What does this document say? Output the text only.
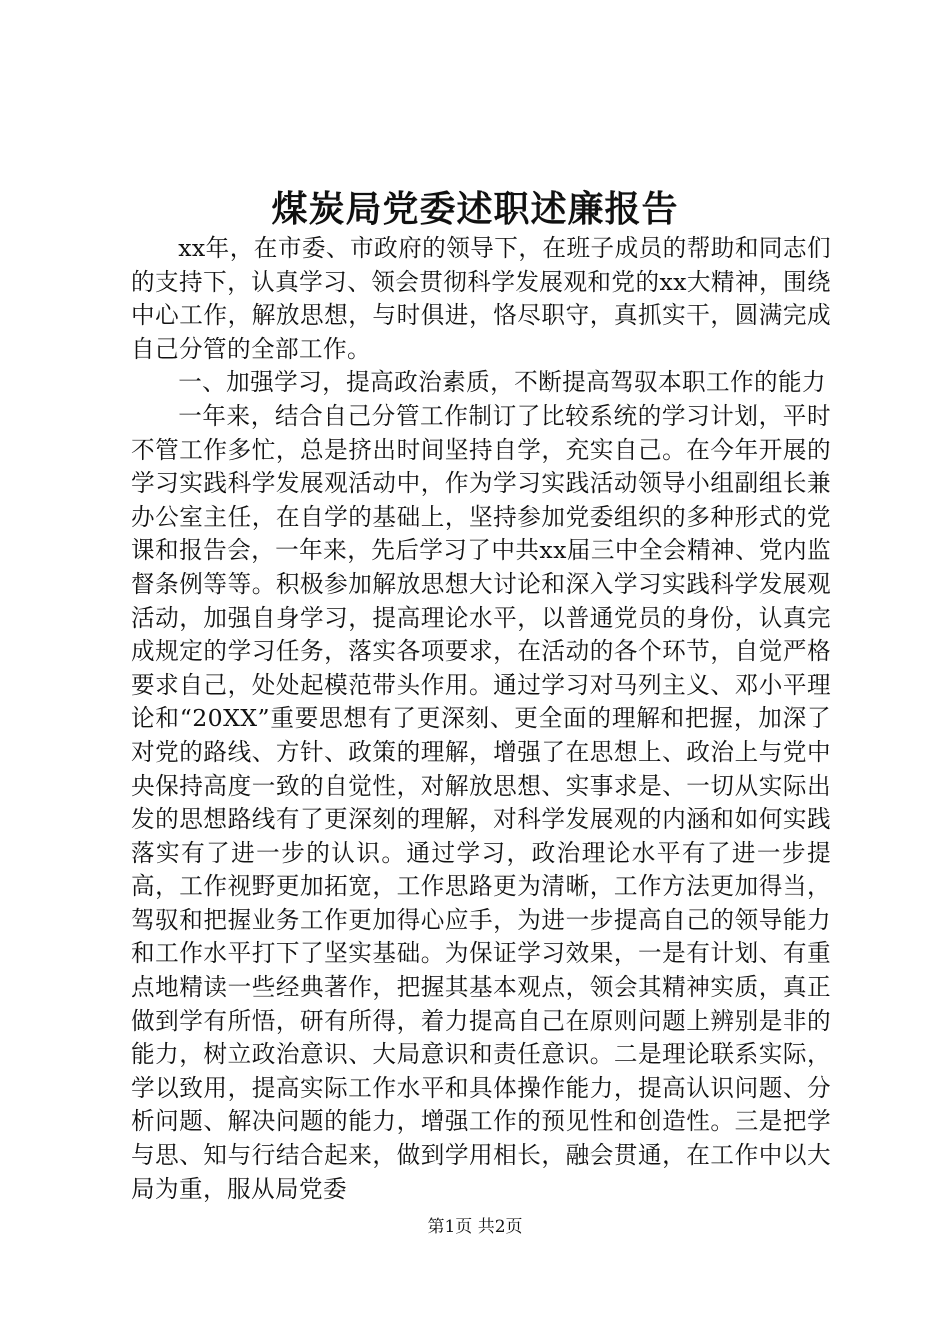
煤炭局党委述职述廉报告

xx年，在市委、市政府的领导下，在班子成员的帮助和同志们的支持下，认真学习、领会贯彻科学发展观和党的xx大精神，围绕中心工作，解放思想，与时俱进，恪尽职守，真抓实干，圆满完成自己分管的全部工作。

一、加强学习，提高政治素质，不断提高驾驭本职工作的能力

一年来，结合自己分管工作制订了比较系统的学习计划，平时不管工作多忙，总是挤出时间坚持自学，充实自己。在今年开展的学习实践科学发展观活动中，作为学习实践活动领导小组副组长兼办公室主任，在自学的基础上，坚持参加党委组织的多种形式的党课和报告会，一年来，先后学习了中共xx届三中全会精神、党内监督条例等等。积极参加解放思想大讨论和深入学习实践科学发展观活动，加强自身学习，提高理论水平，以普通党员的身份，认真完成规定的学习任务，落实各项要求，在活动的各个环节，自觉严格要求自己，处处起模范带头作用。通过学习对马列主义、邓小平理论和“20XX”重要思想有了更深刻、更全面的理解和把握，加深了对党的路线、方针、政策的理解，增强了在思想上、政治上与党中央保持高度一致的自觉性，对解放思想、实事求是、一切从实际出发的思想路线有了更深刻的理解，对科学发展观的内涵和如何实践落实有了进一步的认识。通过学习，政治理论水平有了进一步提高，工作视野更加拓宽，工作思路更为清晰，工作方法更加得当，驾驭和把握业务工作更加得心应手，为进一步提高自己的领导能力和工作水平打下了坚实基础。为保证学习效果，一是有计划、有重点地精读一些经典著作，把握其基本观点，领会其精神实质，真正做到学有所悟，研有所得，着力提高自己在原则问题上辨别是非的能力，树立政治意识、大局意识和责任意识。二是理论联系实际，学以致用，提高实际工作水平和具体操作能力，提高认识问题、分析问题、解决问题的能力，增强工作的预见性和创造性。三是把学与思、知与行结合起来，做到学用相长，融会贯通，在工作中以大局为重，服从局党委

第1页 共2页
